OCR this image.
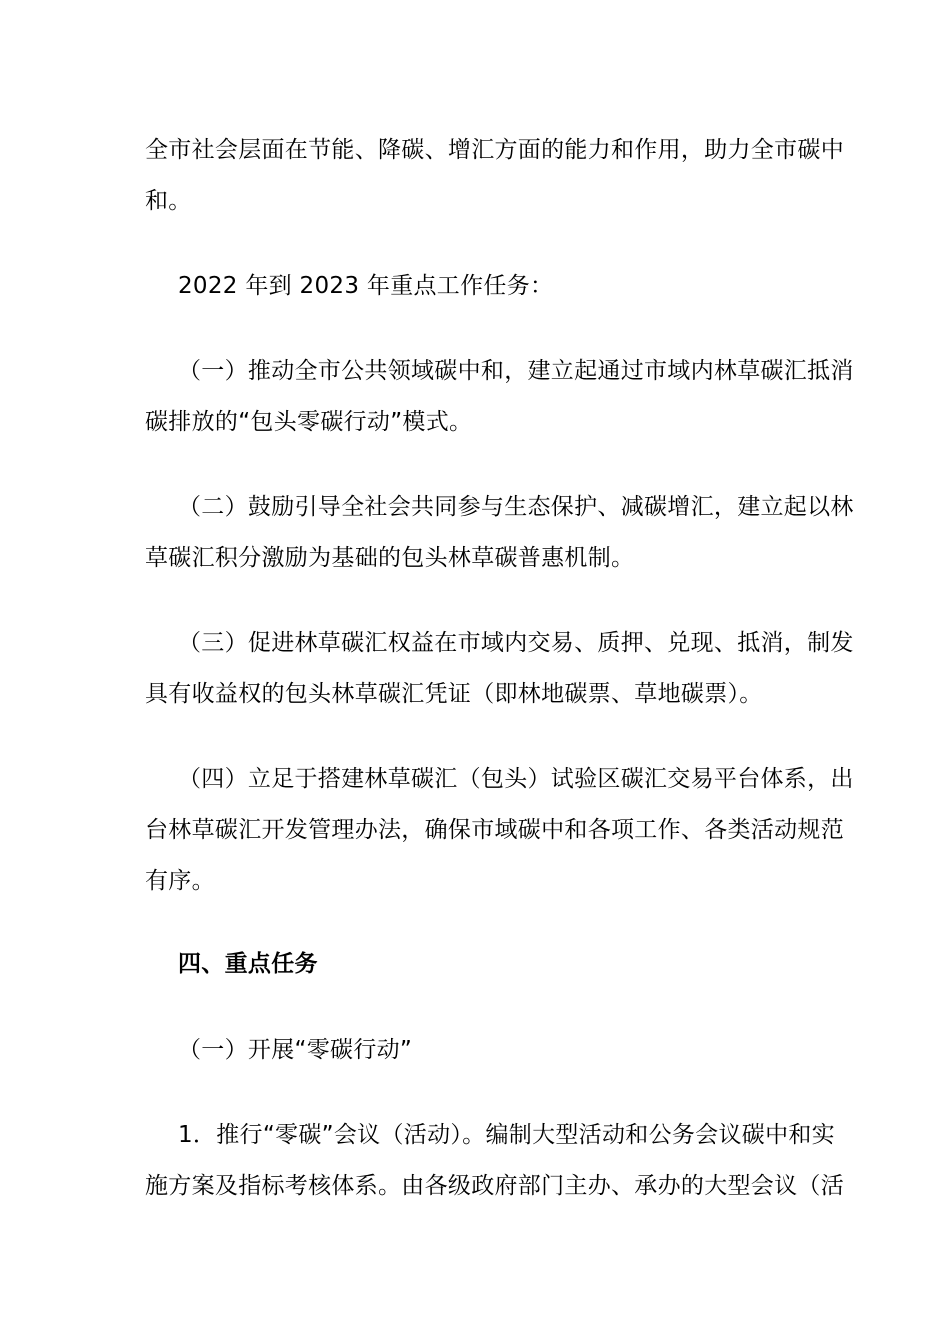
全市社会层面在节能、降碳、增汇方面的能力和作用，助力全市碳中
和。
2022 年到 2023 年重点工作任务：
（一）推动全市公共领域碳中和，建立起通过市域内林草碳汇抵消
碳排放的“包头零碳行动”模式。
（二）鼓励引导全社会共同参与生态保护、减碳增汇，建立起以林
草碳汇积分激励为基础的包头林草碳普惠机制。
（三）促进林草碳汇权益在市域内交易、质押、兑现、抵消，制发
具有收益权的包头林草碳汇凭证（即林地碳票、草地碳票）。
（四）立足于搭建林草碳汇（包头）试验区碳汇交易平台体系，出
台林草碳汇开发管理办法，确保市域碳中和各项工作、各类活动规范
有序。
四、重点任务
（一）开展“零碳行动”
1．推行“零碳”会议（活动）。编制大型活动和公务会议碳中和实
施方案及指标考核体系。由各级政府部门主办、承办的大型会议（活
